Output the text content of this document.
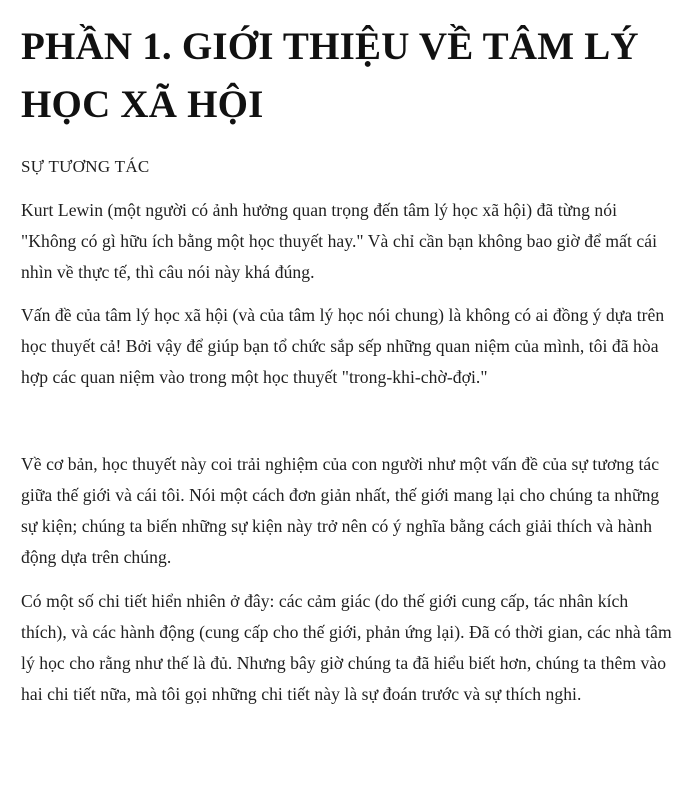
PHẦN 1. GIỚI THIỆU VỀ TÂM LÝ HỌC XÃ HỘI
SỰ TƯƠNG TÁC

Kurt Lewin (một người có ảnh hưởng quan trọng đến tâm lý học xã hội) đã từng nói "Không có gì hữu ích bằng một học thuyết hay." Và chỉ cần bạn không bao giờ để mất cái nhìn về thực tế, thì câu nói này khá đúng.

Vấn đề của tâm lý học xã hội (và của tâm lý học nói chung) là không có ai đồng ý dựa trên học thuyết cả! Bởi vậy để giúp bạn tổ chức sắp sếp những quan niệm của mình, tôi đã hòa hợp các quan niệm vào trong một học thuyết "trong-khi-chờ-đợi."

Về cơ bản, học thuyết này coi trải nghiệm của con người như một vấn đề của sự tương tác giữa thế giới và cái tôi. Nói một cách đơn giản nhất, thế giới mang lại cho chúng ta những sự kiện; chúng ta biến những sự kiện này trở nên có ý nghĩa bằng cách giải thích và hành động dựa trên chúng.

Có một số chi tiết hiển nhiên ở đây: các cảm giác (do thế giới cung cấp, tác nhân kích thích), và các hành động (cung cấp cho thế giới, phản ứng lại). Đã có thời gian, các nhà tâm lý học cho rằng như thế là đủ. Nhưng bây giờ chúng ta đã hiểu biết hơn, chúng ta thêm vào hai chi tiết nữa, mà tôi gọi những chi tiết này là sự đoán trước và sự thích nghi.
